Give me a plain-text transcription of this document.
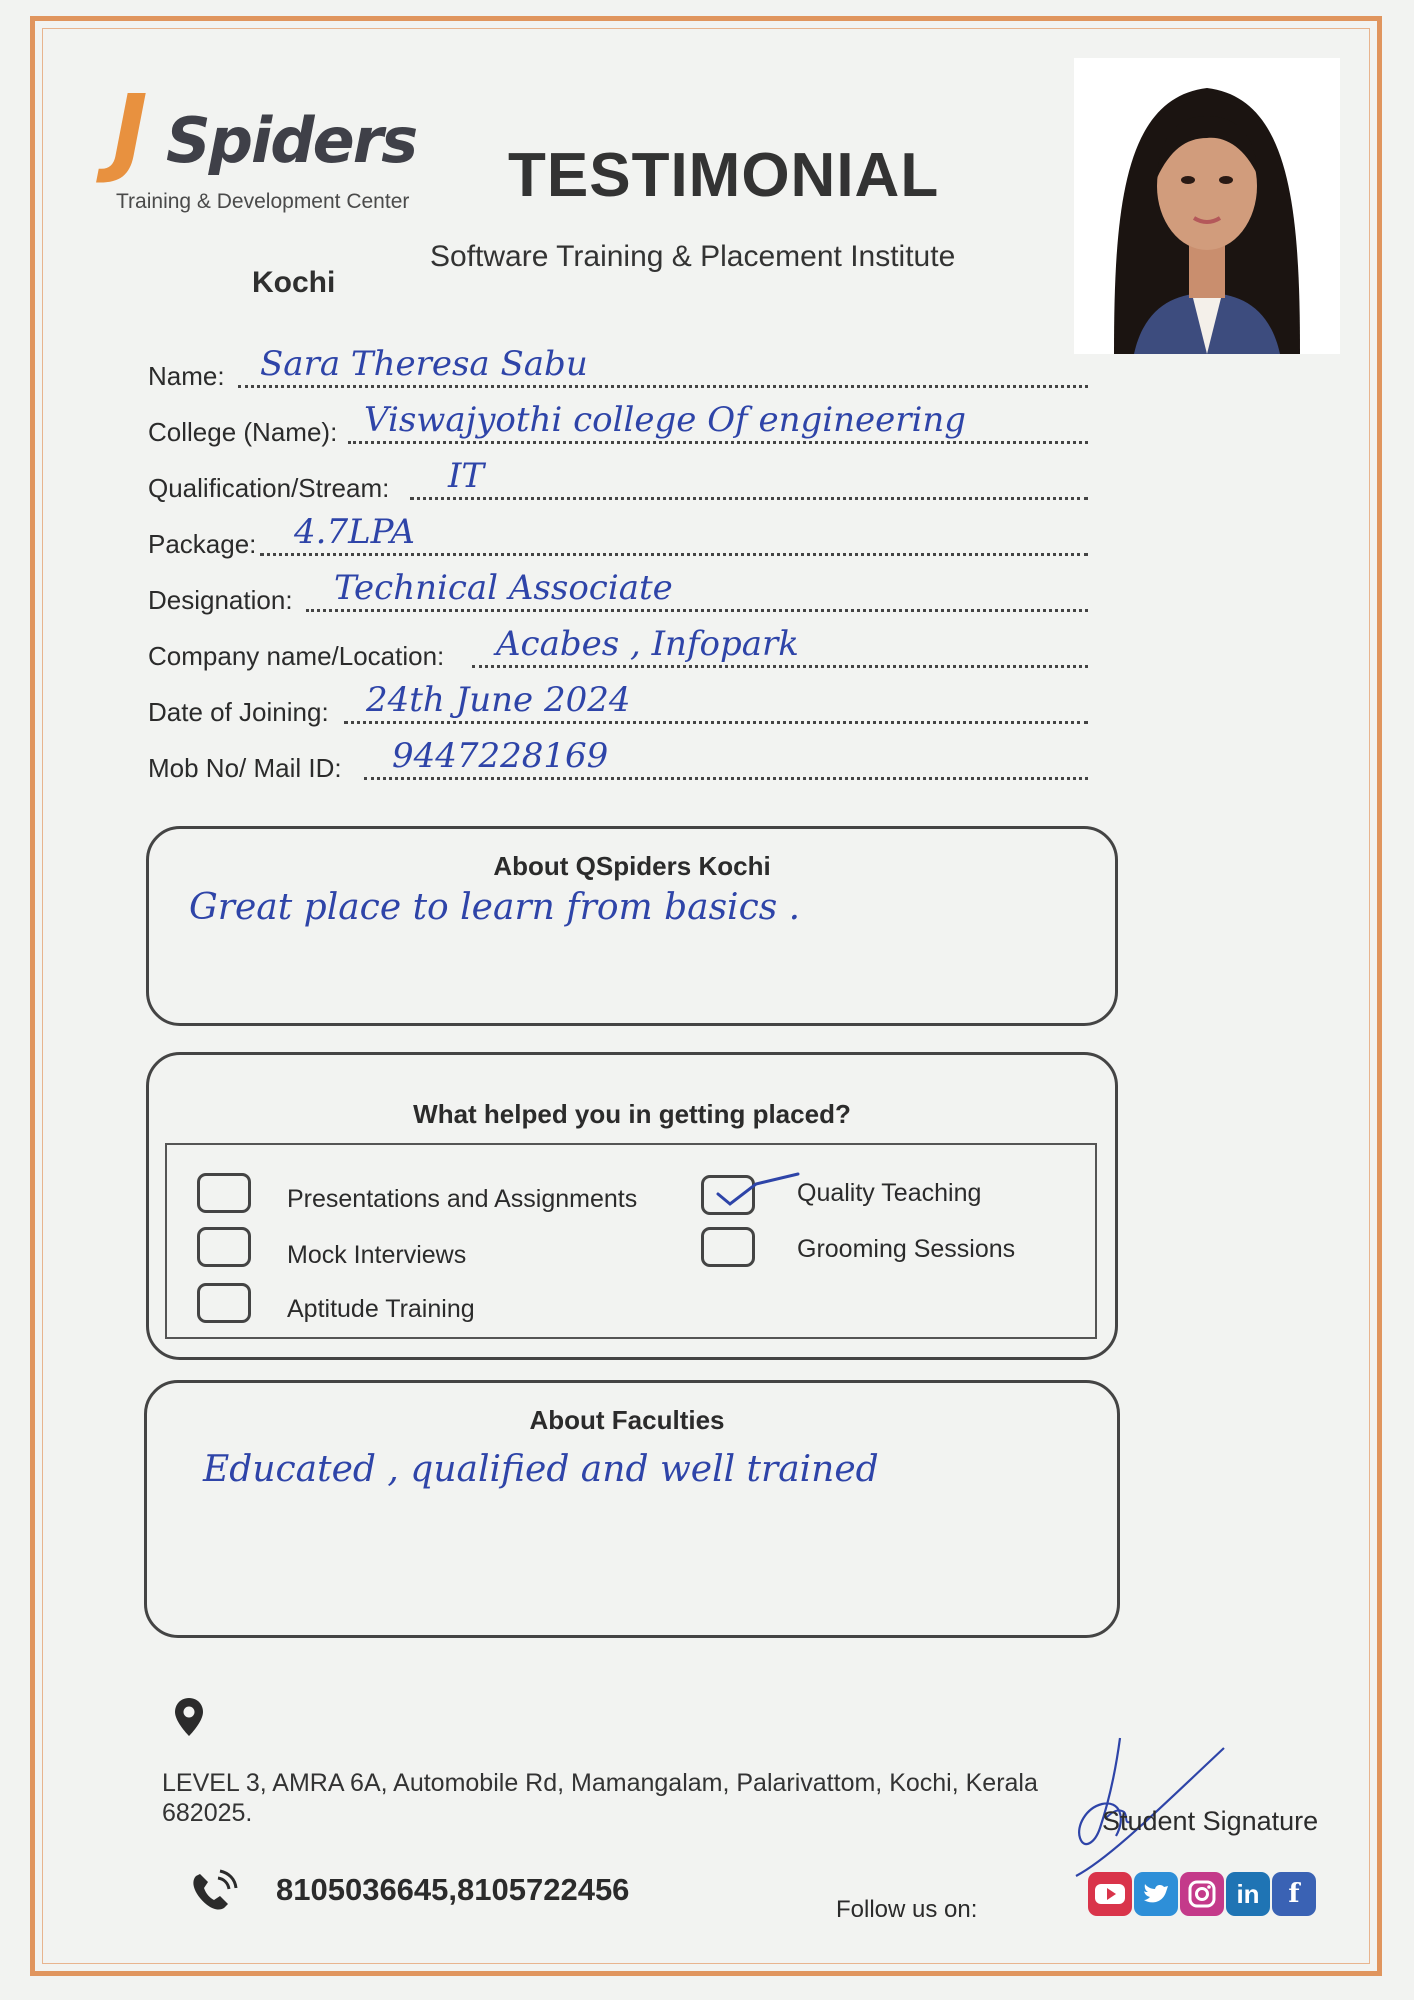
J Spiders
Training & Development Center
Kochi
TESTIMONIAL
Software Training & Placement Institute
Name: Sara Theresa Sabu
College (Name): Viswajyothi college Of engineering
Qualification/Stream: IT
Package: 4.7LPA
Designation: Technical Associate
Company name/Location: Acabes , Infopark
Date of Joining: 24th June 2024
Mob No/ Mail ID: 9447228169
About QSpiders Kochi
Great place to learn from basics .
What helped you in getting placed?
Presentations and Assignments
Mock Interviews
Aptitude Training
Quality Teaching
Grooming Sessions
About Faculties
Educated , qualified and well trained
LEVEL 3, AMRA 6A, Automobile Rd, Mamangalam, Palarivattom, Kochi, Kerala 682025.
8105036645,8105722456
Student Signature
Follow us on:
in	f
